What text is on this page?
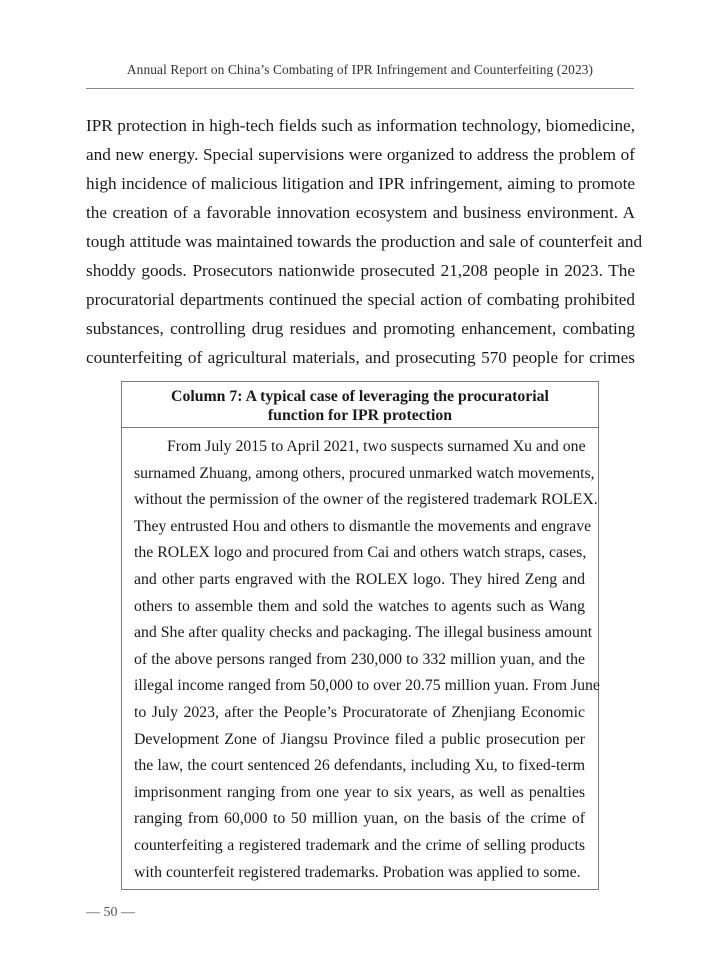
Annual Report on China’s Combating of IPR Infringement and Counterfeiting (2023)
IPR protection in high-tech fields such as information technology, biomedicine,
and new energy. Special supervisions were organized to address the problem of
high incidence of malicious litigation and IPR infringement, aiming to promote
the creation of a favorable innovation ecosystem and business environment. A
tough attitude was maintained towards the production and sale of counterfeit and
shoddy goods. Prosecutors nationwide prosecuted 21,208 people in 2023. The
procuratorial departments continued the special action of combating prohibited
substances, controlling drug residues and promoting enhancement, combating
counterfeiting of agricultural materials, and prosecuting 570 people for crimes
Column 7: A typical case of leveraging the procuratorial
function for IPR protection
From July 2015 to April 2021, two suspects surnamed Xu and one
surnamed Zhuang, among others, procured unmarked watch movements,
without the permission of the owner of the registered trademark ROLEX.
They entrusted Hou and others to dismantle the movements and engrave
the ROLEX logo and procured from Cai and others watch straps, cases,
and other parts engraved with the ROLEX logo. They hired Zeng and
others to assemble them and sold the watches to agents such as Wang
and She after quality checks and packaging. The illegal business amount
of the above persons ranged from 230,000 to 332 million yuan, and the
illegal income ranged from 50,000 to over 20.75 million yuan. From June
to July 2023, after the People’s Procuratorate of Zhenjiang Economic
Development Zone of Jiangsu Province filed a public prosecution per
the law, the court sentenced 26 defendants, including Xu, to fixed-term
imprisonment ranging from one year to six years, as well as penalties
ranging from 60,000 to 50 million yuan, on the basis of the crime of
counterfeiting a registered trademark and the crime of selling products
with counterfeit registered trademarks. Probation was applied to some.
— 50 —
